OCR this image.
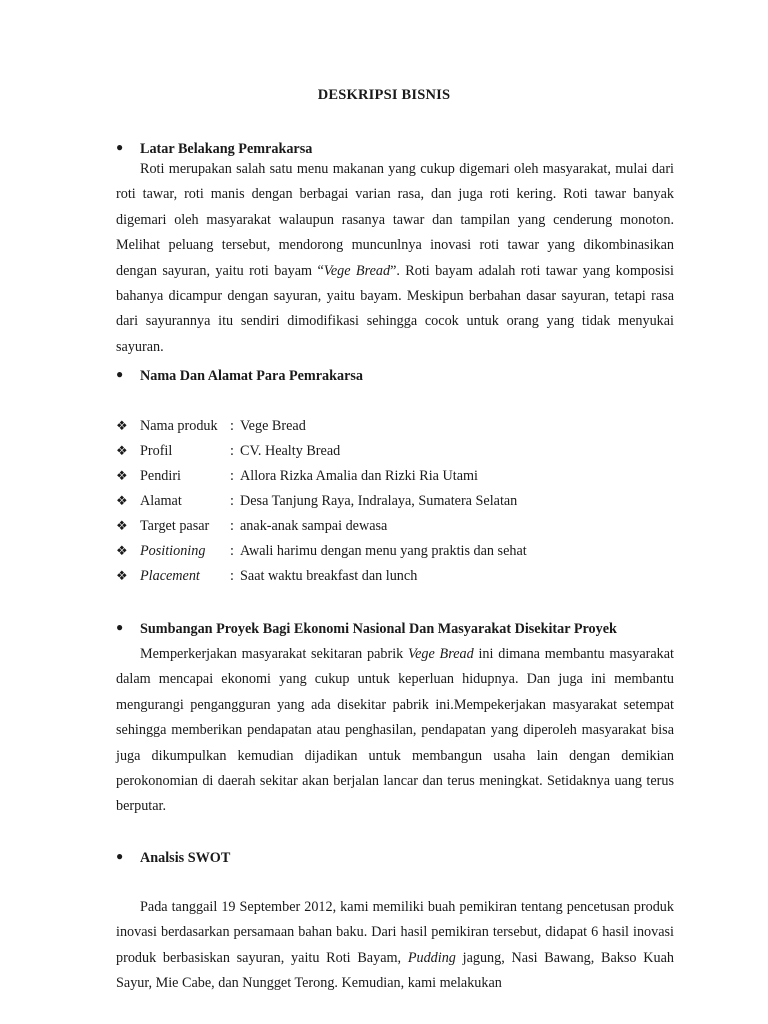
DESKRIPSI BISNIS
● Latar Belakang Pemrakarsa

Roti merupakan salah satu menu makanan yang cukup digemari oleh masyarakat, mulai dari roti tawar, roti manis dengan berbagai varian rasa, dan juga roti kering. Roti tawar banyak digemari oleh masyarakat walaupun rasanya tawar dan tampilan yang cenderung monoton. Melihat peluang tersebut, mendorong muncunlnya inovasi roti tawar yang dikombinasikan dengan sayuran, yaitu roti bayam “Vege Bread”. Roti bayam adalah roti tawar yang komposisi bahanya dicampur dengan sayuran, yaitu bayam. Meskipun berbahan dasar sayuran, tetapi rasa dari sayurannya itu sendiri dimodifikasi sehingga cocok untuk orang yang tidak menyukai sayuran.

● Nama Dan Alamat Para Pemrakarsa
❖ Nama produk : Vege Bread
❖ Profil	: CV. Healty Bread
❖ Pendiri	: Allora Rizka Amalia dan Rizki Ria Utami
❖ Alamat	: Desa Tanjung Raya, Indralaya, Sumatera Selatan
❖ Target pasar : anak-anak sampai dewasa
❖ Positioning : Awali harimu dengan menu yang praktis dan sehat
❖ Placement : Saat waktu breakfast dan lunch
● Sumbangan Proyek Bagi Ekonomi Nasional Dan Masyarakat Disekitar Proyek

Memperkerjakan masyarakat sekitaran pabrik Vege Bread ini dimana membantu masyarakat dalam mencapai ekonomi yang cukup untuk keperluan hidupnya. Dan juga ini membantu mengurangi pengangguran yang ada disekitar pabrik ini.Mempekerjakan masyarakat setempat sehingga memberikan pendapatan atau penghasilan, pendapatan yang diperoleh masyarakat bisa juga dikumpulkan kemudian dijadikan untuk membangun usaha lain dengan demikian perokonomian di daerah sekitar akan berjalan lancar dan terus meningkat. Setidaknya uang terus berputar.

● Analsis SWOT

Pada tanggail 19 September 2012, kami memiliki buah pemikiran tentang pencetusan produk inovasi berdasarkan persamaan bahan baku. Dari hasil pemikiran tersebut, didapat 6 hasil inovasi produk berbasiskan sayuran, yaitu Roti Bayam, Pudding jagung, Nasi Bawang, Bakso Kuah Sayur, Mie Cabe, dan Nungget Terong. Kemudian, kami melakukan
